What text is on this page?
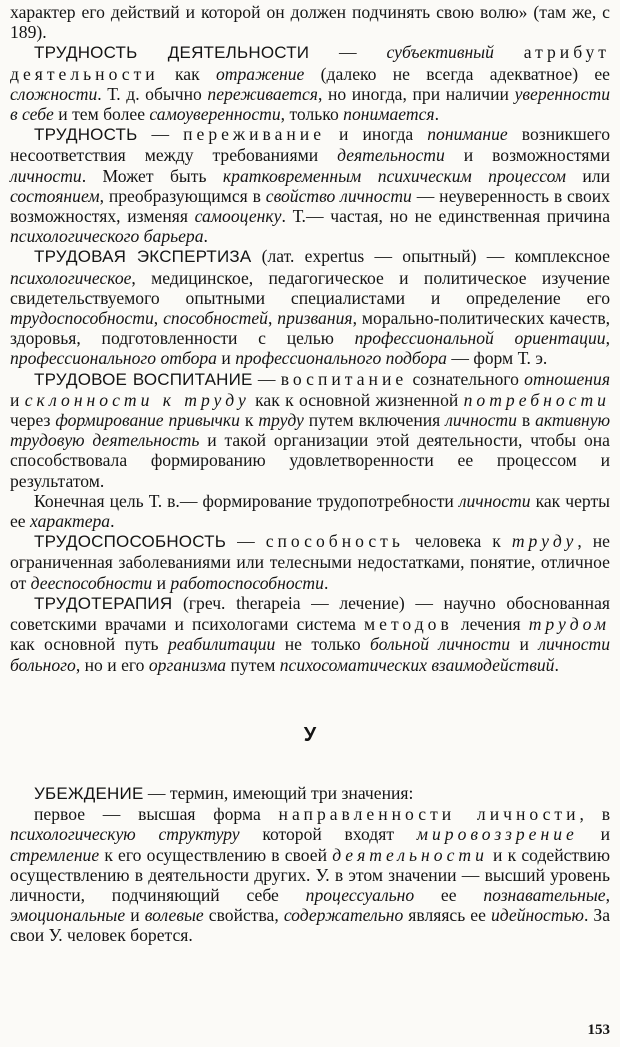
характер его действий и которой он должен подчинять свою волю» (там же, с 189).

ТРУДНОСТЬ ДЕЯТЕЛЬНОСТИ — субъективный атрибут деятельности как отражение (далеко не всегда адекватное) ее сложности. Т. д. обычно переживается, но иногда, при наличии уверенности в себе и тем более самоуверенности, только понимается.

ТРУДНОСТЬ — переживание и иногда понимание возникшего несоответствия между требованиями деятельности и возможностями личности. Может быть кратковременным психическим процессом или состоянием, преобразующимся в свойство личности — неуверенность в своих возможностях, изменяя самооценку. Т.— частая, но не единственная причина психологического барьера.

ТРУДОВАЯ ЭКСПЕРТИЗА (лат. expertus — опытный) — комплексное психологическое, медицинское, педагогическое и политическое изучение свидетельствуемого опытными специалистами и определение его трудоспособности, способностей, призвания, морально-политических качеств, здоровья, подготовленности с целью профессиональной ориентации, профессионального отбора и профессионального подбора — форм Т. э.

ТРУДОВОЕ ВОСПИТАНИЕ — воспитание сознательного отношения и склонности к труду как к основной жизненной потребности через формирование привычки к труду путем включения личности в активную трудовую деятельность и такой организации этой деятельности, чтобы она способствовала формированию удовлетворенности ее процессом и результатом.

Конечная цель Т. в.— формирование трудопотребности личности как черты ее характера.

ТРУДОСПОСОБНОСТЬ — способность человека к труду, не ограниченная заболеваниями или телесными недостатками, понятие, отличное от дееспособности и работоспособности.

ТРУДОТЕРАПИЯ (греч. therapeia — лечение) — научно обоснованная советскими врачами и психологами система методов лечения трудом как основной путь реабилитации не только больной личности и личности больного, но и его организма путем психосоматических взаимодействий.

У

УБЕЖДЕНИЕ — термин, имеющий три значения:

первое — высшая форма направленности личности, в психологическую структуру которой входят мировоззрение и стремление к его осуществлению в своей деятельности и к содействию осуществлению в деятельности других. У. в этом значении — высший уровень личности, подчиняющий себе процессуально ее познавательные, эмоциональные и волевые свойства, содержательно являясь ее идейностью. За свои У. человек борется.

153
